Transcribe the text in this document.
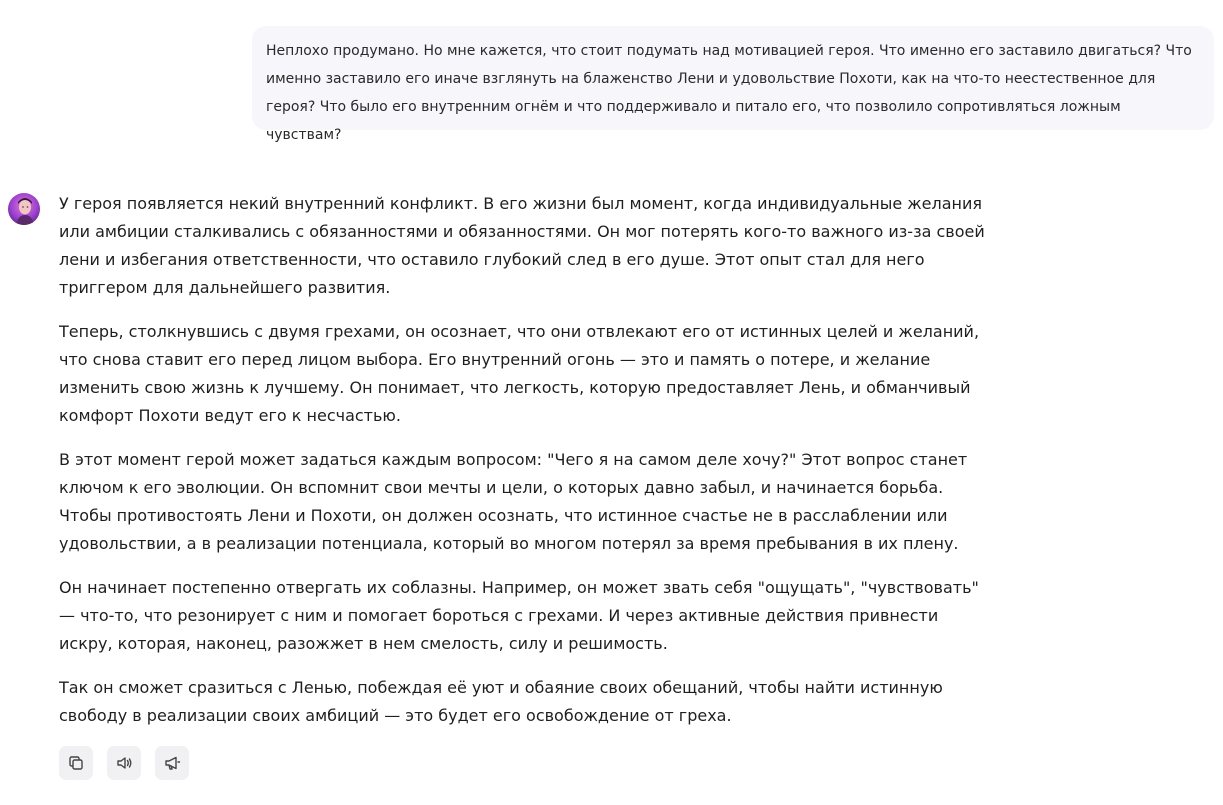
Неплохо продумано. Но мне кажется, что стоит подумать над мотивацией героя. Что именно его заставило двигаться? Что именно заставило его иначе взглянуть на блаженство Лени и удовольствие Похоти, как на что-то неестественное для героя? Что было его внутренним огнём и что поддерживало и питало его, что позволило сопротивляться ложным чувствам?

У героя появляется некий внутренний конфликт. В его жизни был момент, когда индивидуальные желания или амбиции сталкивались с обязанностями и обязанностями. Он мог потерять кого-то важного из-за своей лени и избегания ответственности, что оставило глубокий след в его душе. Этот опыт стал для него триггером для дальнейшего развития.

Теперь, столкнувшись с двумя грехами, он осознает, что они отвлекают его от истинных целей и желаний, что снова ставит его перед лицом выбора. Его внутренний огонь — это и память о потере, и желание изменить свою жизнь к лучшему. Он понимает, что легкость, которую предоставляет Лень, и обманчивый комфорт Похоти ведут его к несчастью.

В этот момент герой может задаться каждым вопросом: "Чего я на самом деле хочу?" Этот вопрос станет ключом к его эволюции. Он вспомнит свои мечты и цели, о которых давно забыл, и начинается борьба. Чтобы противостоять Лени и Похоти, он должен осознать, что истинное счастье не в расслаблении или удовольствии, а в реализации потенциала, который во многом потерял за время пребывания в их плену.

Он начинает постепенно отвергать их соблазны. Например, он может звать себя "ощущать", "чувствовать" — что-то, что резонирует с ним и помогает бороться с грехами. И через активные действия привнести искру, которая, наконец, разожжет в нем смелость, силу и решимость.

Так он сможет сразиться с Ленью, побеждая её уют и обаяние своих обещаний, чтобы найти истинную свободу в реализации своих амбиций — это будет его освобождение от греха.
